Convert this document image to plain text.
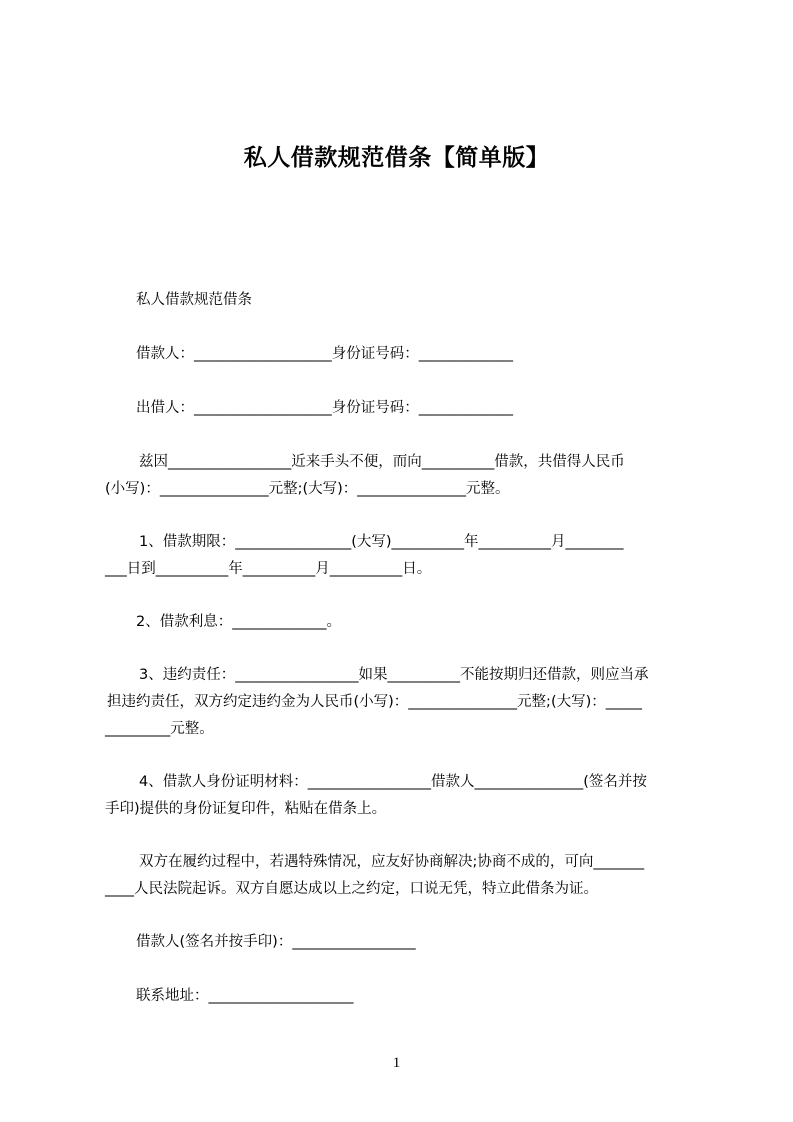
私人借款规范借条【简单版】
私人借款规范借条
借款人：___________________身份证号码：_____________
出借人：___________________身份证号码：_____________
兹因_________________近来手头不便，而向__________借款，共借得人民币
(小写)：_______________元整;(大写)：_______________元整。
1、借款期限：________________(大写)__________年__________月________
___日到__________年__________月__________日。
2、借款利息：_____________。
3、违约责任：_________________如果__________不能按期归还借款，则应当承
担违约责任，双方约定违约金为人民币(小写)：_______________元整;(大写)：_____
_________元整。
4、借款人身份证明材料：_________________借款人_______________(签名并按
手印)提供的身份证复印件，粘贴在借条上。
双方在履约过程中，若遇特殊情况，应友好协商解决;协商不成的，可向_______
____人民法院起诉。双方自愿达成以上之约定，口说无凭，特立此借条为证。
借款人(签名并按手印)：_________________
联系地址：____________________
1
